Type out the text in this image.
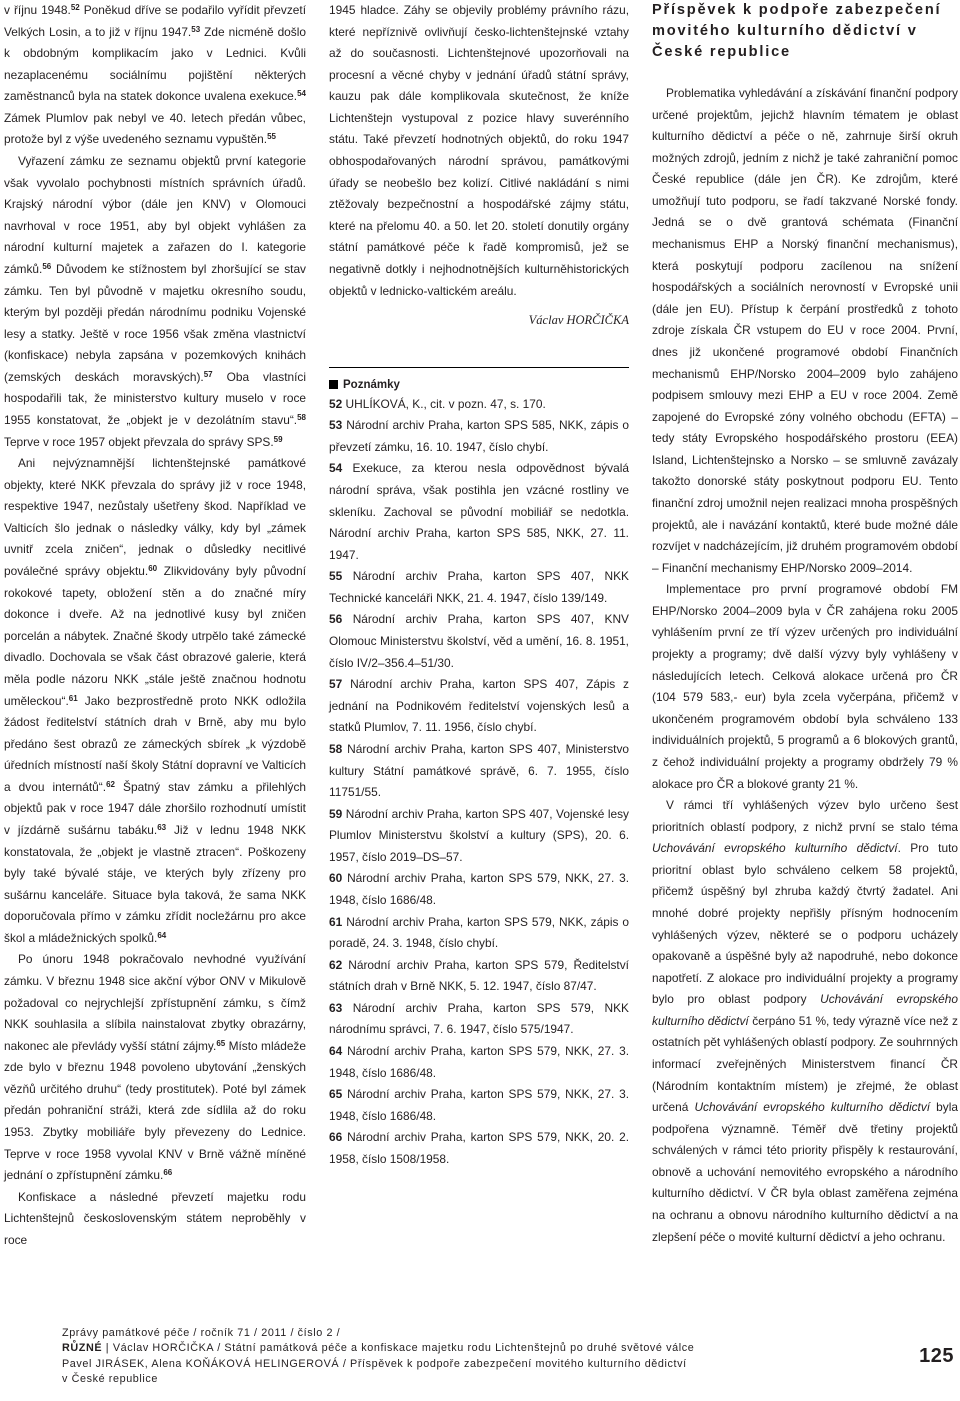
v říjnu 1948.52 Poněkud dříve se podařilo vyřídit převzetí Velkých Losin, a to již v říjnu 1947.53 Zde nicméně došlo k obdobným komplikacím jako v Lednici. Kvůli nezaplacenému sociálnímu pojištění některých zaměstnanců byla na statek dokonce uvalena exekuce.$^{54}$ Zámek Plumlov pak nebyl ve 40. letech předán vůbec, protože byl z výše uvedeného seznamu vypuštěn.$^{55}$

Vyřazení zámku ze seznamu objektů první kategorie však vyvolalo pochybnosti místních správních úřadů. Krajský národní výbor (dále jen KNV) v Olomouci navrhoval v roce 1951, aby byl objekt vyhlášen za národní kulturní majetek a zařazen do I. kategorie zámků.$^{56}$ Důvodem ke stížnostem byl zhoršující se stav zámku. Ten byl původně v majetku okresního soudu, kterým byl později předán národnímu podniku Vojenské lesy a statky. Ještě v roce 1956 však změna vlastnictví (konfiskace) nebyla zapsána v pozemkových knihách (zemských deskách moravských).$^{57}$ Oba vlastníci hospodařili tak, že ministerstvo kultury muselo v roce 1955 konstatovat, že „objekt je v dezolátním stavu“.$^{58}$ Teprve v roce 1957 objekt převzala do správy SPS.$^{59}$

Ani nejvýznamnější lichtenštejnské památkové objekty, které NKK převzala do správy již v roce 1948, respektive 1947, nezůstaly ušetřeny škod. Například ve Valticích šlo jednak o následky války, kdy byl „zámek uvnitř zcela zničen“, jednak o důsledky necitlivé poválečné správy objektu.$^{60}$ Zlikvidovány byly původní rokokové tapety, obložení stěn a do značné míry dokonce i dveře. Až na jednotlivé kusy byl zničen porcelán a nábytek. Značné škody utrpělo také zámecké divadlo. Dochovala se však část obrazové galerie, která měla podle názoru NKK „stále ještě značnou hodnotu uměleckou“.$^{61}$ Jako bezprostředně proto NKK odložila žádost ředitelství státních drah v Brně, aby mu bylo předáno šest obrazů ze zámeckých sbírek „k výzdobě úředních místností naší školy Státní dopravní ve Valticích a dvou internátů“.$^{62}$ Špatný stav zámku a přilehlých objektů pak v roce 1947 dále zhoršilo rozhodnutí umístit v jízdárně sušárnu tabáku.$^{63}$ Již v lednu 1948 NKK konstatovala, že „objekt je vlastně ztracen“. Poškozeny byly také bývalé stáje, ve kterých byly zřízeny pro sušárnu kanceláře. Situace byla taková, že sama NKK doporučovala přímo v zámku zřídit nocležárnu pro akce škol a mládežnických spolků.$^{64}$

Po únoru 1948 pokračovalo nevhodné využívání zámku. V březnu 1948 sice akční výbor ONV v Mikulově požadoval co nejrychlejší zpřístupnění zámku, s čímž NKK souhlasila a slíbila nainstalovat zbytky obrazárny, nakonec ale převlády vyšší státní zájmy.$^{65}$ Místo mládeže zde bylo v březnu 1948 povoleno ubytování „ženských vězňů určitého druhu“ (tedy prostitutek). Poté byl zámek předán pohraniční stráži, která zde sídlila až do roku 1953. Zbytky mobiliáře byly převezeny do Lednice. Teprve v roce 1958 vyvolal KNV v Brně vážně míněné jednání o zpřístupnění zámku.$^{66}$

Konfiskace a následné převzetí majetku rodu Lichtenštejnů československým státem neproběhly v roce

1945 hladce. Záhy se objevily problémy právního rázu, které nepříznivě ovlivňují česko-lichtenštejnské vztahy až do současnosti. Lichtenštejnové upozorňovali na procesní a věcné chyby v jednání úřadů státní správy, kauzu pak dále komplikovala skutečnost, že kníže Lichtenštejn vystupoval z pozice hlavy suverénního státu. Také převzetí hodnotných objektů, do roku 1947 obhospodařovaných národní správou, památkovými úřady se neobešlo bez kolizí. Citlivé nakládání s nimi ztěžovaly bezpečnostní a hospodářské zájmy státu, které na přelomu 40. a 50. let 20. století donutily orgány státní památkové péče k řadě kompromisů, jež se negativně dotkly i nejhodnotnějších kulturněhistorických objektů v lednicko-valtickém areálu.

Václav HORČIČKA

Poznámky

52 UHLÍKOVÁ, K., cit. v pozn. 47, s. 170.

53 Národní archiv Praha, karton SPS 585, NKK, zápis o převzetí zámku, 16. 10. 1947, číslo chybí.

54 Exekuce, za kterou nesla odpovědnost bývalá národní správa, však postihla jen vzácné rostliny ve skleníku. Zachoval se původní mobiliář se nedotkla. Národní archiv Praha, karton SPS 585, NKK, 27. 11. 1947.

55 Národní archiv Praha, karton SPS 407, NKK Technické kanceláři NKK, 21. 4. 1947, číslo 139/149.

56 Národní archiv Praha, karton SPS 407, KNV Olomouc Ministerstvu školství, věd a umění, 16. 8. 1951, číslo IV/2–356.4–51/30.

57 Národní archiv Praha, karton SPS 407, Zápis z jednání na Podnikovém ředitelství vojenských lesů a statků Plumlov, 7. 11. 1956, číslo chybí.

58 Národní archiv Praha, karton SPS 407, Ministerstvo kultury Státní památkové správě, 6. 7. 1955, číslo 11751/55.

59 Národní archiv Praha, karton SPS 407, Vojenské lesy Plumlov Ministerstvu školství a kultury (SPS), 20. 6. 1957, číslo 2019–DS–57.

60 Národní archiv Praha, karton SPS 579, NKK, 27. 3. 1948, číslo 1686/48.

61 Národní archiv Praha, karton SPS 579, NKK, zápis o poradě, 24. 3. 1948, číslo chybí.

62 Národní archiv Praha, karton SPS 579, Ředitelství státních drah v Brně NKK, 5. 12. 1947, číslo 87/47.

63 Národní archiv Praha, karton SPS 579, NKK národnímu správci, 7. 6. 1947, číslo 575/1947.

64 Národní archiv Praha, karton SPS 579, NKK, 27. 3. 1948, číslo 1686/48.

65 Národní archiv Praha, karton SPS 579, NKK, 27. 3. 1948, číslo 1686/48.

66 Národní archiv Praha, karton SPS 579, NKK, 20. 2. 1958, číslo 1508/1958.

Příspěvek k podpoře zabezpečení movitého kulturního dědictví v České republice

Problematika vyhledávání a získávání finanční podpory určené projektům, jejichž hlavním tématem je oblast kulturního dědictví a péče o ně, zahrnuje širší okruh možných zdrojů, jedním z nichž je také zahraniční pomoc České republice (dále jen ČR). Ke zdrojům, které umožňují tuto podporu, se řadí takzvané Norské fondy. Jedná se o dvě grantová schémata (Finanční mechanismus EHP a Norský finanční mechanismus), která poskytují podporu zacílenou na snížení hospodářských a sociálních nerovností v Evropské unii (dále jen EU). Přístup k čerpání prostředků z tohoto zdroje získala ČR vstupem do EU v roce 2004. První, dnes již ukončené programové období Finančních mechanismů EHP/Norsko 2004–2009 bylo zahájeno podpisem smlouvy mezi EHP a EU v roce 2004. Země zapojené do Evropské zóny volného obchodu (EFTA) – tedy státy Evropského hospodářského prostoru (EEA) Island, Lichtenštejnsko a Norsko – se smluvně zavázaly takožto donorské státy poskytnout podporu EU. Tento finanční zdroj umožnil nejen realizaci mnoha prospěšných projektů, ale i navázání kontaktů, které bude možné dále rozvíjet v nadcházejícím, již druhém programovém období – Finanční mechanismy EHP/Norsko 2009–2014.

Implementace pro první programové období FM EHP/Norsko 2004–2009 byla v ČR zahájena roku 2005 vyhlášením první ze tří výzev určených pro individuální projekty a programy; dvě další výzvy byly vyhlášeny v následujících letech. Celková alokace určená pro ČR (104 579 583,- eur) byla zcela vyčerpána, přičemž v ukončeném programovém období byla schváleno 133 individuálních projektů, 5 programů a 6 blokových grantů, z čehož individuální projekty a programy obdržely 79 % alokace pro ČR a blokové granty 21 %.

V rámci tří vyhlášených výzev bylo určeno šest prioritních oblastí podpory, z nichž první se stalo téma Uchovávání evropského kulturního dědictví. Pro tuto prioritní oblast bylo schváleno celkem 58 projektů, přičemž úspěšný byl zhruba každý čtvrtý žadatel. Ani mnohé dobré projekty nepřišly přísným hodnocením vyhlášených výzev, některé se o podporu ucházely opakovaně a úspěšné byly až napodruhé, nebo dokonce napotřetí. Z alokace pro individuální projekty a programy bylo pro oblast podpory Uchovávání evropského kulturního dědictví čerpáno 51 %, tedy výrazně více než z ostatních pět vyhlášených oblastí podpory. Ze souhrnných informací zveřejněných Ministerstvem financí ČR (Národním kontaktním místem) je zřejmé, že oblast určená Uchovávání evropského kulturního dědictví byla podpořena významně. Téměř dvě třetiny projektů schválených v rámci této priority přispěly k restaurování, obnově a uchování nemovitého evropského a národního kulturního dědictví. V ČR byla oblast zaměřena zejména na ochranu a obnovu národního kulturního dědictví a na zlepšení péče o movité kulturní dědictví a jeho ochranu.

Zprávy památkové péče / ročník 71 / 2011 / číslo 2 /
RŮZNÉ | Václav HORČIČKA / Státní památková péče a konfiskace majetku rodu Lichtenštejnů po druhé světové válce
Pavel JIRÁSEK, Alena KOŇÁKOVÁ HELINGEROVÁ / Příspěvek k podpoře zabezpečení movitého kulturního dědictví
v České republice
125
